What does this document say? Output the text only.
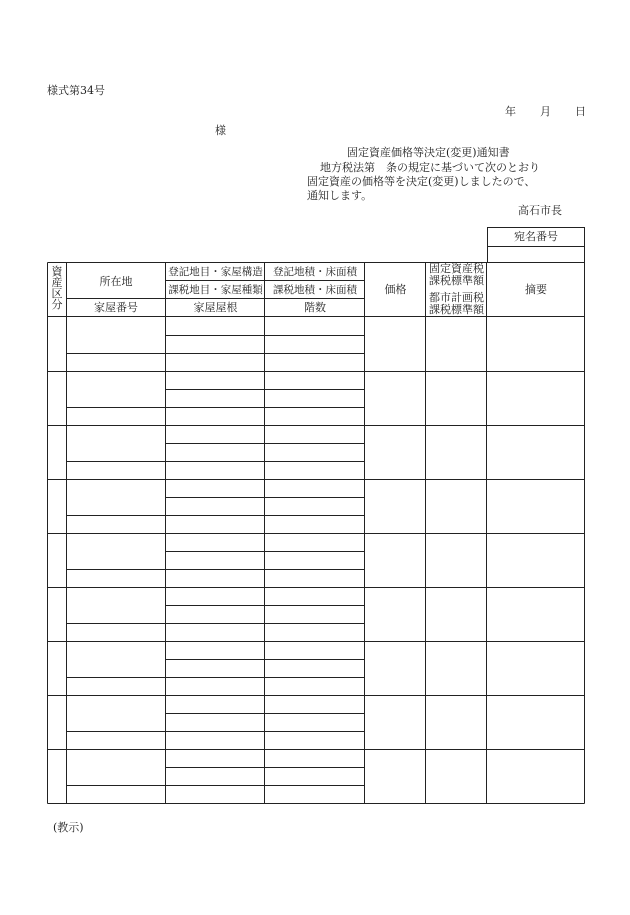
様式第34号
年 月 日
様
固定資産価格等決定(変更)通知書
地方税法第　条の規定に基づいて次のとおり
固定資産の価格等を決定(変更)しましたので、
通知します。
高石市長
宛名番号
資
産
区
分
所在地
家屋番号
登記地目・家屋構造
課税地目・家屋種類
家屋屋根
登記地積・床面積
課税地積・床面積
階数
価格
固定資産税
課税標準額
都市計画税
課税標準額
摘要
(教示)
